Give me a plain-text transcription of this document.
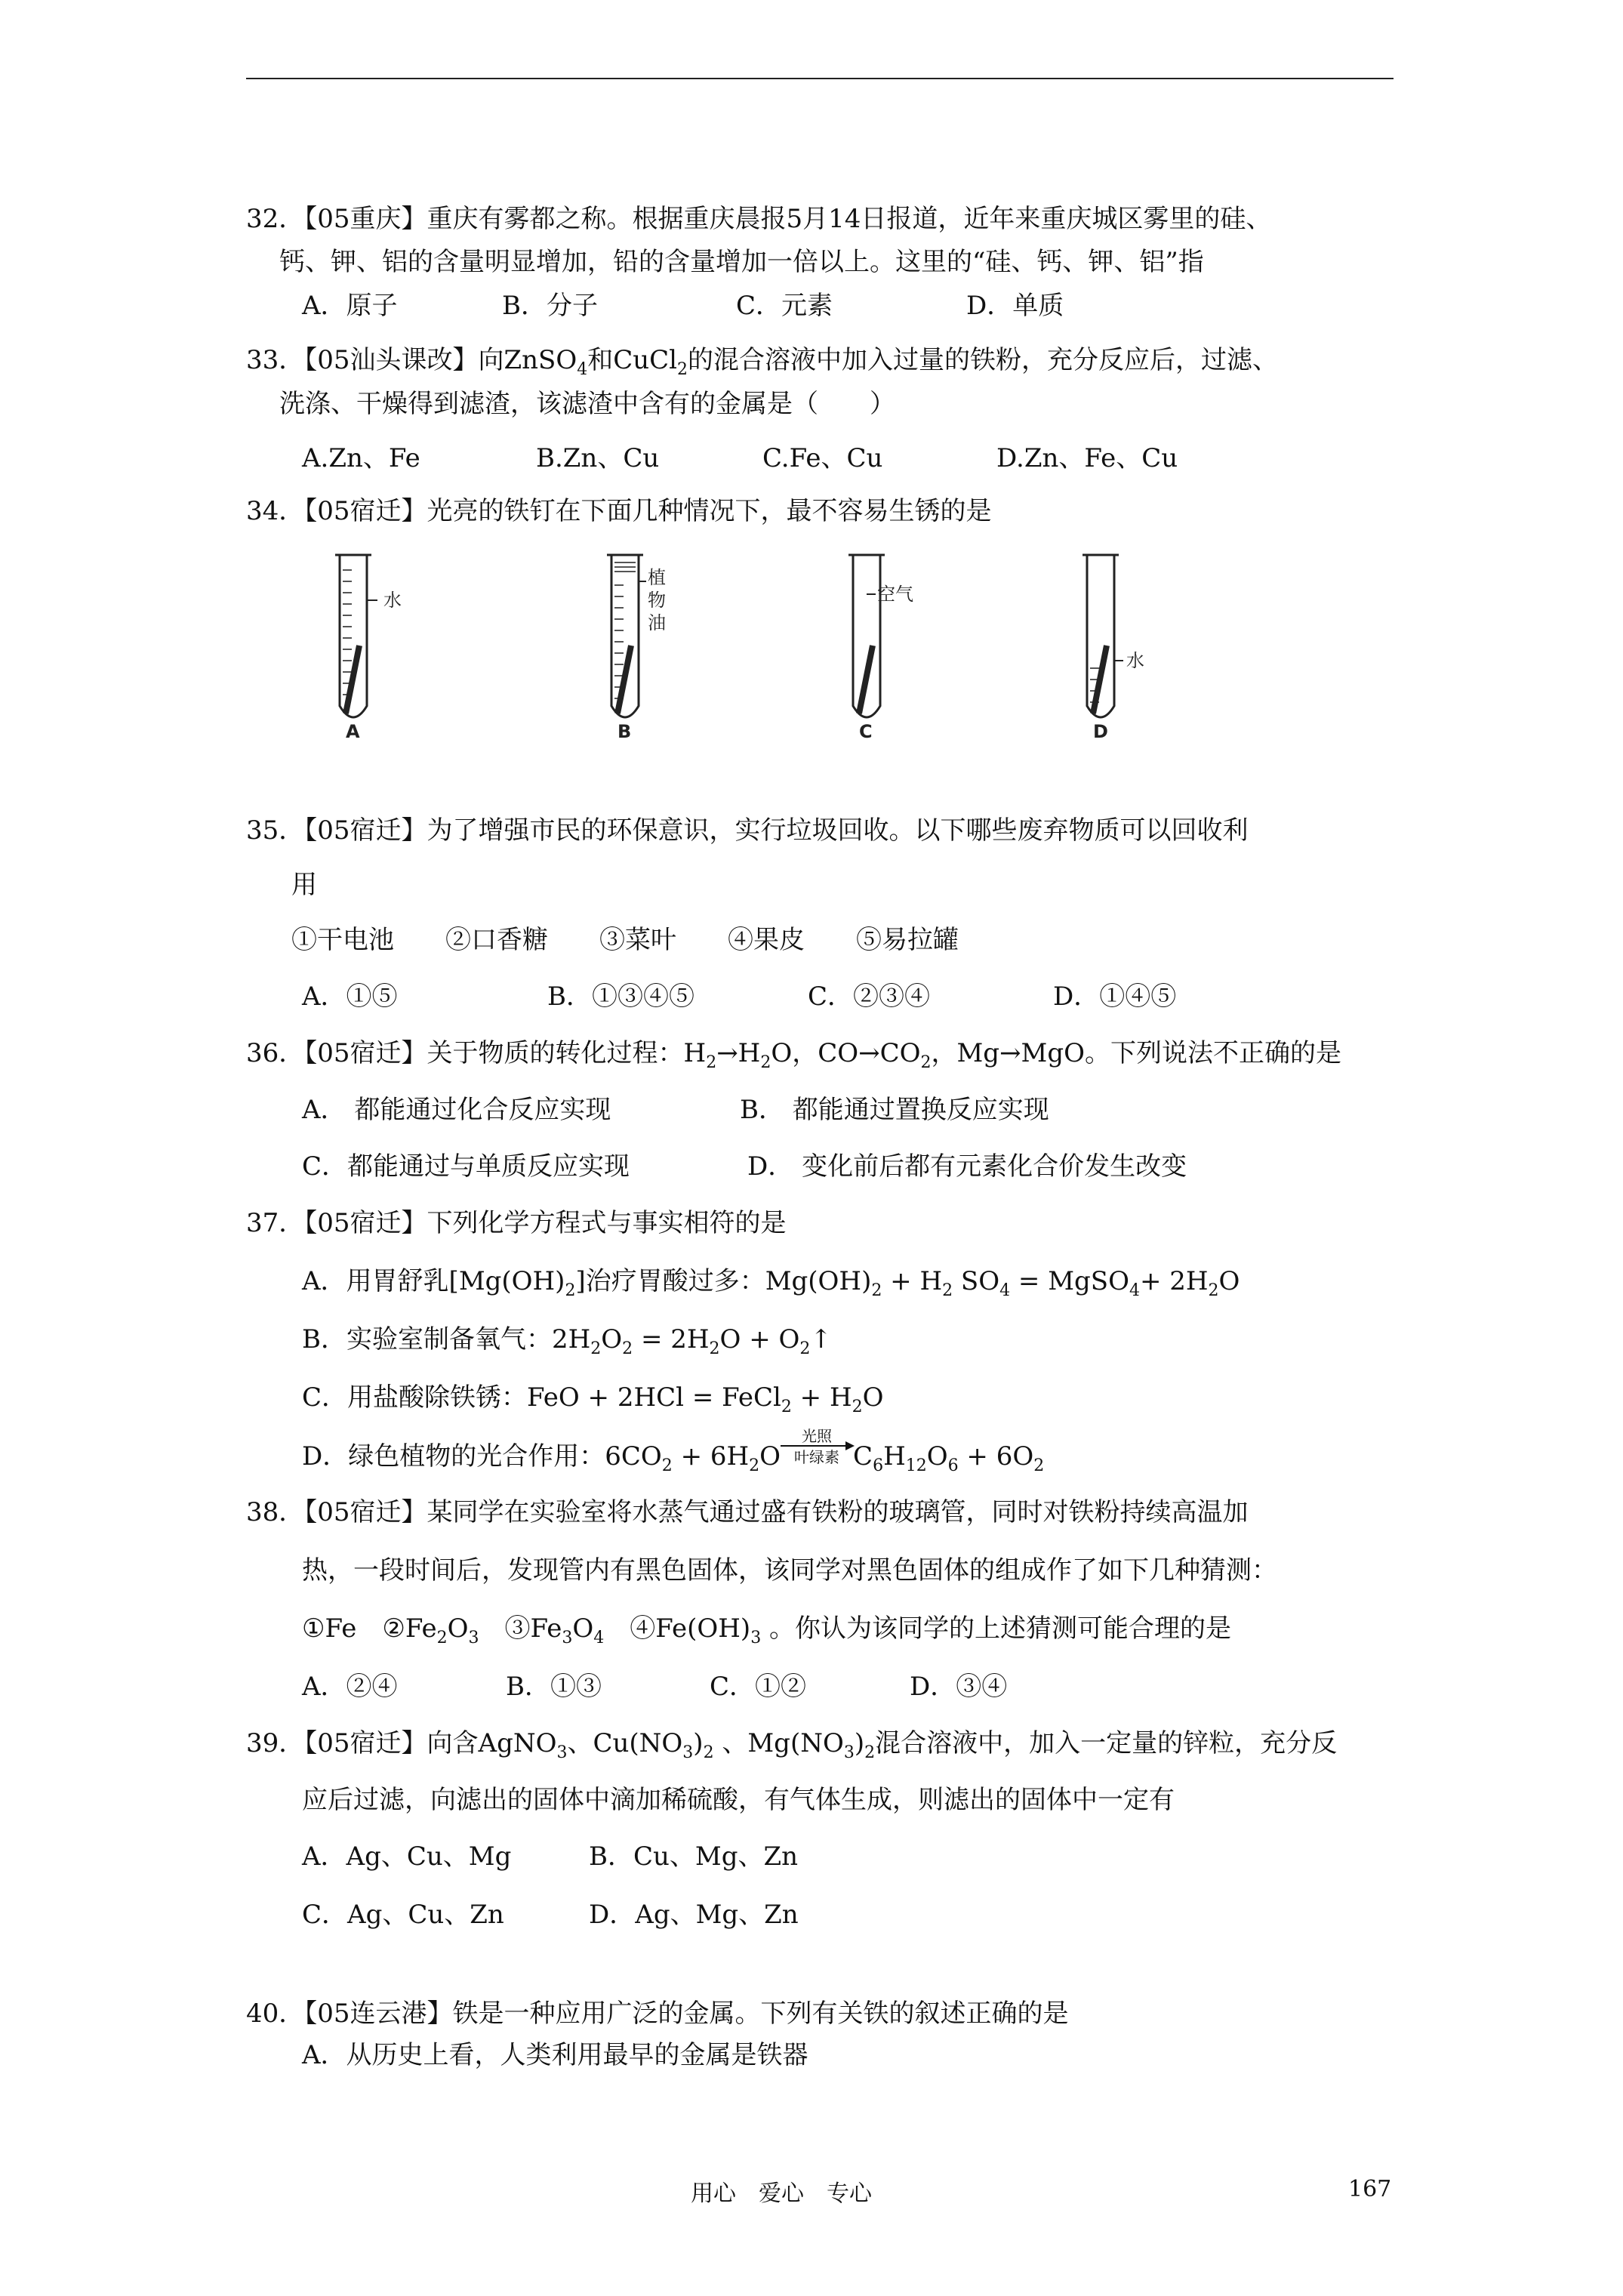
32．【05重庆】重庆有雾都之称。根据重庆晨报5月14日报道，近年来重庆城区雾里的硅、
钙、钾、铝的含量明显增加，铅的含量增加一倍以上。这里的“硅、钙、钾、铝”指
A．原子	B．分子	C．元素	D．单质
33．【05汕头课改】向ZnSO$_4$和CuCl$_2$的混合溶液中加入过量的铁粉，充分反应后，过滤、
洗涤、干燥得到滤渣，该滤渣中含有的金属是（　　）
A.Zn、Fe	B.Zn、Cu	C.Fe、Cu	D.Zn、Fe、Cu
34．【05宿迁】光亮的铁钉在下面几种情况下，最不容易生锈的是
水
A
植
物
油
B
空气
C
水
D
35．【05宿迁】为了增强市民的环保意识，实行垃圾回收。以下哪些废弃物质可以回收利
用
①干电池　　②口香糖　　③菜叶　　④果皮　　⑤易拉罐
A．①⑤	B．①③④⑤	C．②③④	D．①④⑤
36．【05宿迁】关于物质的转化过程：$H_2\to H_2O$，$CO\to CO_2$，Mg→MgO。下列说法不正确的是
A． 都能通过化合反应实现	B． 都能通过置换反应实现
C．都能通过与单质反应实现	D． 变化前后都有元素化合价发生改变
37．【05宿迁】下列化学方程式与事实相符的是
A．用胃舒乳$[Mg(OH)_2]$治疗胃酸过多：$Mg(OH)_2 + H_2$ $SO_4$ = MgSO$_4$+ $2H_2O$
B．实验室制备氧气：$2H_2O_2 = 2H_2O$ + $O_2↑$
C．用盐酸除铁锈：FeO + 2HCl = FeCl$_2$ + $H_2O$
D．绿色植物的光合作用：$6CO_2 + 6H_2O$
光照
叶绿素 $C_6H_{12}O_6 + 6O_2$
38．【05宿迁】某同学在实验室将水蒸气通过盛有铁粉的玻璃管，同时对铁粉持续高温加
热，一段时间后，发现管内有黑色固体，该同学对黑色固体的组成作了如下几种猜测：
①Fe　$②Fe_2O_3$　$③Fe_3O_4$　$④Fe(OH)_3$ 。你认为该同学的上述猜测可能合理的是
A．②④	B．①③	C．①②	D．③④
39．【05宿迁】向含AgNO$_3$、$Cu(NO_3)_2$ 、$Mg(NO_3)_2$混合溶液中，加入一定量的锌粒，充分反
应后过滤，向滤出的固体中滴加稀硫酸，有气体生成，则滤出的固体中一定有
A．Ag、Cu、Mg	B．Cu、Mg、Zn
C．Ag、Cu、Zn	D．Ag、Mg、Zn
40．【05连云港】铁是一种应用广泛的金属。下列有关铁的叙述正确的是
A．从历史上看，人类利用最早的金属是铁器
用心　爱心　专心	167
